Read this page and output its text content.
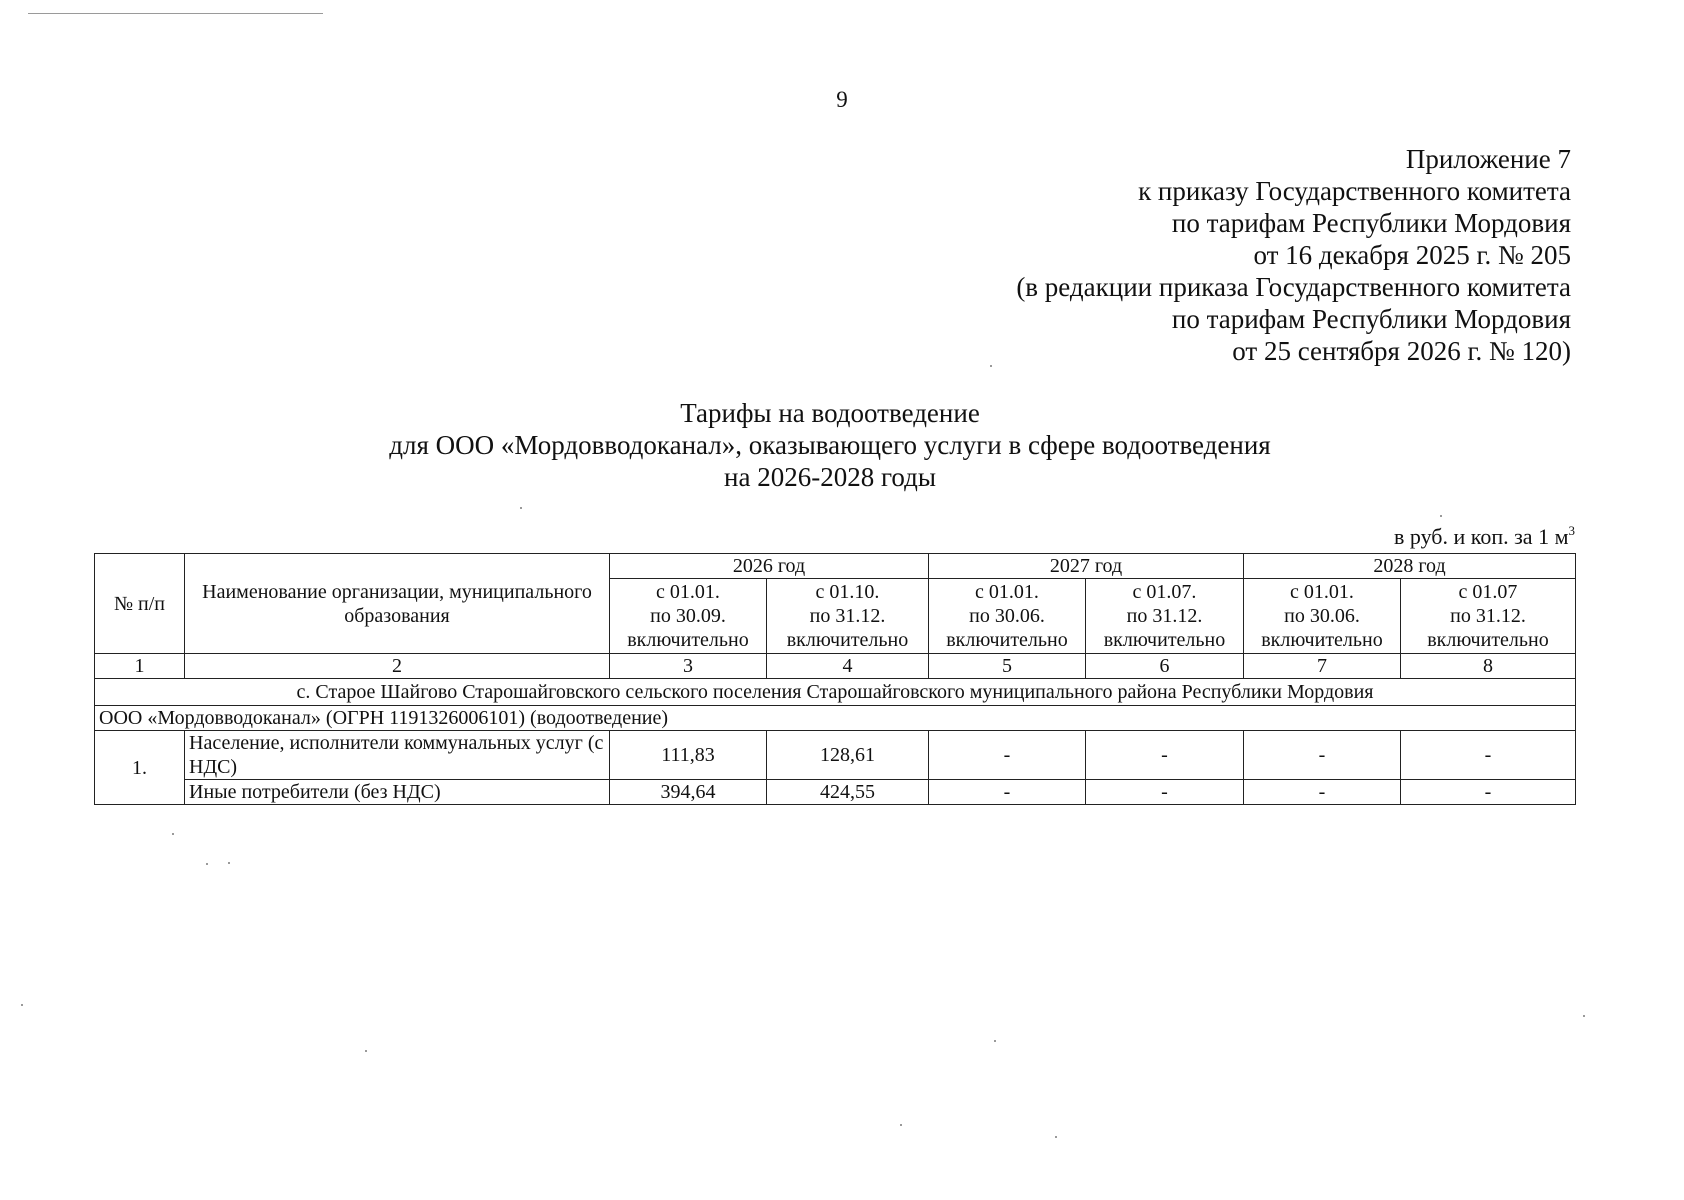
9
Приложение 7
к приказу Государственного комитета
по тарифам Республики Мордовия
от 16 декабря 2025 г. № 205
(в редакции приказа Государственного комитета
по тарифам Республики Мордовия
от 25 сентября 2026 г. № 120)
Тарифы на водоотведение
для ООО «Мордовводоканал», оказывающего услуги в сфере водоотведения
на 2026-2028 годы
в руб. и коп. за 1 $м^3$
№ п/п	Наименование организации, муниципального образования	2026 год		2027 год		2028 год	

		с 01.01.
по 30.09.
включительно	с 01.10.
по 31.12.
включительно	с 01.01.
по 30.06.
включительно	с 01.07.
по 31.12.
включительно	с 01.01.
по 30.06.
включительно	с 01.07
по 31.12.
включительно

1	2	3	4	5	6	7	8
с. Старое Шайгово Старошайговского сельского поселения Старошайговского муниципального района Республики Мордовия							
ООО «Мордовводоканал» (ОГРН 1191326006101) (водоотведение)							
1.	Население, исполнители коммунальных услуг (с НДС)	111,83	128,61	-	-	-	-
	Иные потребители (без НДС)	394,64	424,55	-	-	-	-
